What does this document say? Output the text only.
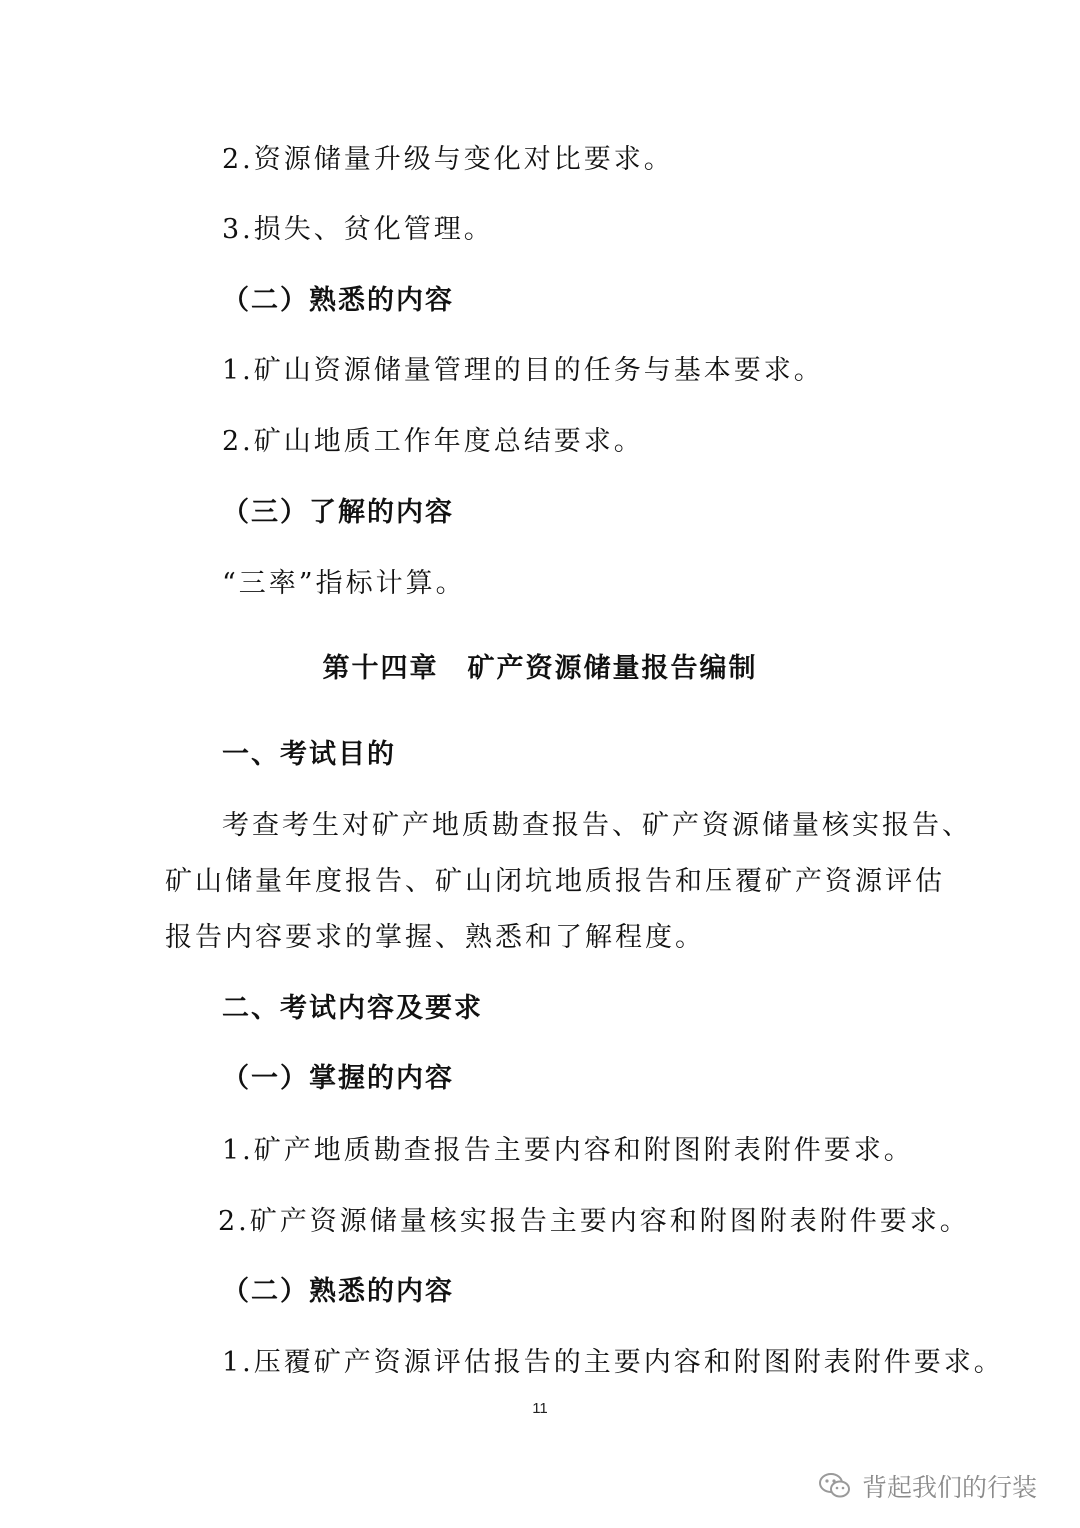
2.资源储量升级与变化对比要求。
3.损失、贫化管理。
（二）熟悉的内容
1.矿山资源储量管理的目的任务与基本要求。
2.矿山地质工作年度总结要求。
（三）了解的内容
“三率”指标计算。
第十四章　矿产资源储量报告编制
一、考试目的
考查考生对矿产地质勘查报告、矿产资源储量核实报告、
矿山储量年度报告、矿山闭坑地质报告和压覆矿产资源评估
报告内容要求的掌握、熟悉和了解程度。
二、考试内容及要求
（一）掌握的内容
1.矿产地质勘查报告主要内容和附图附表附件要求。
2.矿产资源储量核实报告主要内容和附图附表附件要求。
（二）熟悉的内容
1.压覆矿产资源评估报告的主要内容和附图附表附件要求。
11
背起我们的行装
